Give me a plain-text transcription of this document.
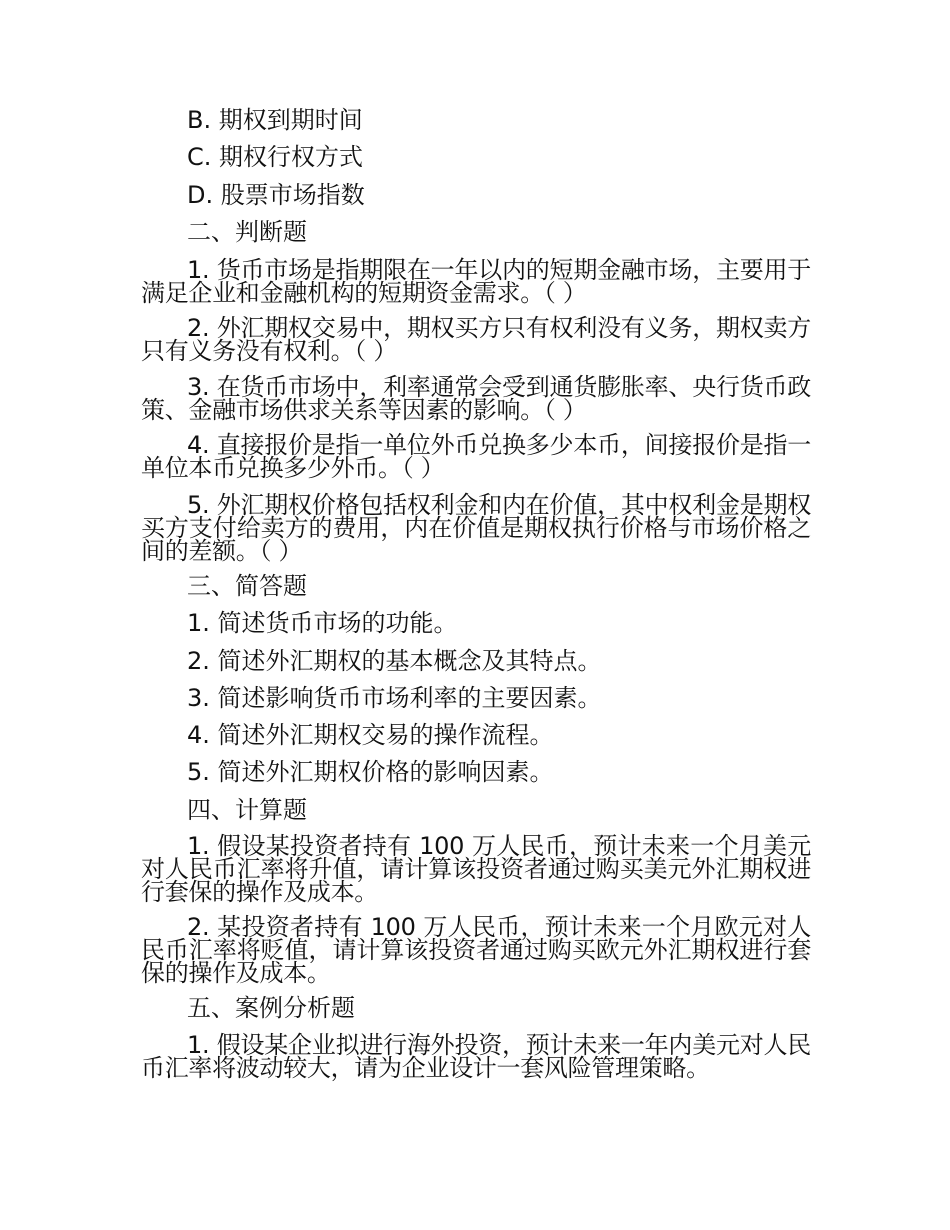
B. 期权到期时间
C. 期权行权方式
D. 股票市场指数
二、判断题
1. 货币市场是指期限在一年以内的短期金融市场，主要用于满足企业和金融机构的短期资金需求。（ ）
2. 外汇期权交易中，期权买方只有权利没有义务，期权卖方只有义务没有权利。（ ）
3. 在货币市场中，利率通常会受到通货膨胀率、央行货币政策、金融市场供求关系等因素的影响。（ ）
4. 直接报价是指一单位外币兑换多少本币，间接报价是指一单位本币兑换多少外币。（ ）
5. 外汇期权价格包括权利金和内在价值，其中权利金是期权买方支付给卖方的费用，内在价值是期权执行价格与市场价格之间的差额。（ ）
三、简答题
1. 简述货币市场的功能。
2. 简述外汇期权的基本概念及其特点。
3. 简述影响货币市场利率的主要因素。
4. 简述外汇期权交易的操作流程。
5. 简述外汇期权价格的影响因素。
四、计算题
1. 假设某投资者持有 100 万人民币，预计未来一个月美元对人民币汇率将升值，请计算该投资者通过购买美元外汇期权进行套保的操作及成本。
2. 某投资者持有 100 万人民币，预计未来一个月欧元对人民币汇率将贬值，请计算该投资者通过购买欧元外汇期权进行套保的操作及成本。
五、案例分析题
1. 假设某企业拟进行海外投资，预计未来一年内美元对人民币汇率将波动较大，请为企业设计一套风险管理策略。
